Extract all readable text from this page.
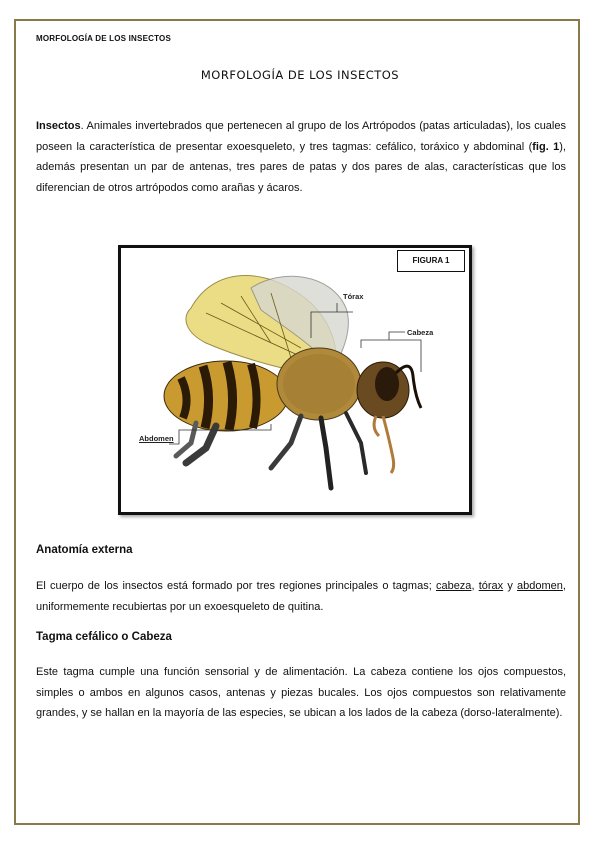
MORFOLOGÍA DE LOS INSECTOS
MORFOLOGÍA DE LOS INSECTOS

Insectos. Animales invertebrados que pertenecen al grupo de los Artrópodos (patas articuladas), los cuales poseen la característica de presentar exoesqueleto, y tres tagmas: cefálico, toráxico y abdominal (fig. 1), además presentan un par de antenas, tres pares de patas y dos pares de alas, características que los diferencian de otros artrópodos como arañas y ácaros.

FIGURA 1
Tórax
Cabeza
Abdomen
Anatomía externa

El cuerpo de los insectos está formado por tres regiones principales o tagmas; cabeza, tórax y abdomen, uniformemente recubiertas por un exoesqueleto de quitina.

Tagma cefálico o Cabeza

Este tagma cumple una función sensorial y de alimentación. La cabeza contiene los ojos compuestos, simples o ambos en algunos casos, antenas y piezas bucales. Los ojos compuestos son relativamente grandes, y se hallan en la mayoría de las especies, se ubican a los lados de la cabeza (dorso-lateralmente).
